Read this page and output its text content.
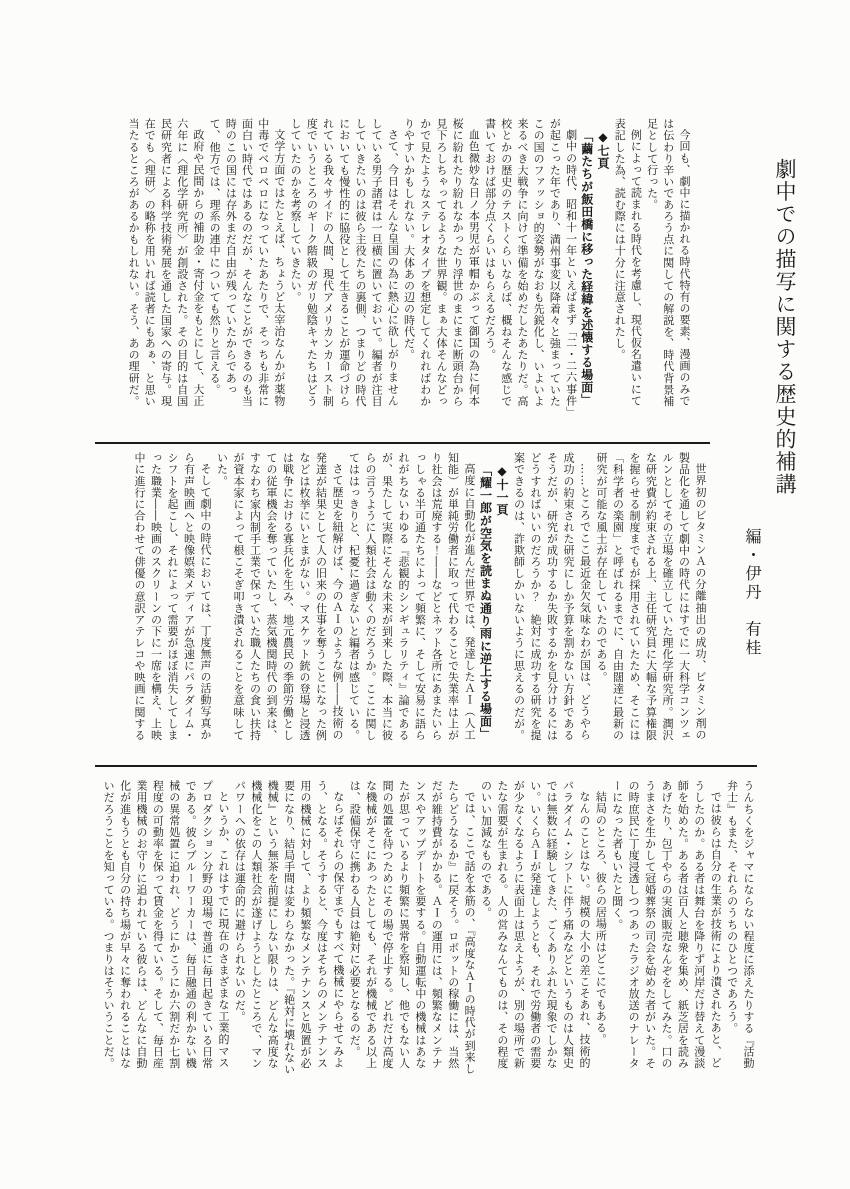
劇中での描写に関する歴史的補講
編・伊丹　有桂

今回も、劇中に描かれる時代特有の要素、漫画のみでは伝わり辛いであろう点に関しての解説を、時代背景補足として行った。

例によって読まれる時代を考慮し、現代仮名遣いにて表記した為、読む際には十分に注意されたし。

◆七頁

「繭たちが飯田橋に移った経緯を述懐する場面」

劇中の時代、昭和十一年といえばまず「二・二六事件」が起こった年であり、満州事変以降着々と強まっていたこの国のファッショ的姿勢がなおも先鋭化し、いよいよ来るべき大戦争に向けて準備を始めだしたあたりだ。高校とかの歴史のテストくらいならば、概ねそんな感じで書いておけば部分点くらいはもらえるだろう。

血色微妙な日ノ本男児が軍帽かぶって御国の為に何本桜に紛れたり紛れなかったり浮世のまにまに断頭台から見下ろしちゃってるような世界観。まぁ大体そんなどっかで見たようなステレオタイプを想定してくれればわかりやすいかもしれない。大体あの辺の時代だ。

さて、今日はそんな皇国の為に熱心に欲しがりませんしている男子諸君は一旦横に置いておいて。編者が注目していきたいのは彼ら主役たちの裏側、つまりどの時代においても慢性的に脇役として生きることが運命づけられている我々サイドの人間、現代アメリカンカースト制度でいうところのギーク階級のガリ勉陰キャたちはどうしていたのかを考察していきたい。

文学方面ではたとえば、ちょうど太宰治なんかが薬物中毒でベロベロになっていたあたりで、そっちも非常に面白い時代ではあるのだが、そんなことができるのも当時のこの国には存外まだ自由が残っていたからであって、他方では、理系の連中についても然りと言える。

政府や民間からの補助金・寄付金をもとにして、大正六年に〈理化学研究所〉が創設された。その目的は自国民研究者による科学技術発展を通した国家への寄与。現在でも〈理研〉の略称を用いれば読者にもあぁ、と思い当たるところがあるかもしれない。そう、あの理研だ。

世界初のビタミンＡの分離抽出の成功、ビタミン剤の製品化を通して劇中の時代にはすでに一大科学コンツェルンとしてその立場を確立していた理化学研究所。潤沢な研究費が約束される上、主任研究員に大幅な予算権限を握らせる制度までもが採用されていたため、そこには「科学者の楽園」と呼ばれるまでに、自由闊達に最新の研究が可能な風土が存在していたのである。

……ところでここ最近金欠気味なわが国は、どうやら成功の約束された研究にしか予算を割かない方針であるそうだが、研究が成功するか失敗するかを見分けるにはどうすればいいのだろうか？　絶対に成功する研究を提案できるのは、詐欺師しかいないように思えるのだが。

◆十一頁

「耀一郎が空気を読まぬ通り雨に逆上する場面」

高度に自動化が進んだ世界では、発達したＡＩ（人工知能）が単純労働者に取って代わることで失業率は上がり社会は荒廃する！――などとネット各所にあまたいらっしゃる半可通たちによって頻繁に、そして安易に語られがちないわゆる『悲観的シンギュラリティ』論であるが、果たして実際にそんな未来が到来した際、本当に彼らの言うように人類社会は動くのだろうか。ここに関してははっきりと、杞憂に過ぎないと編者は感じている。

さて歴史を紐解けば、今のＡＩのような例――技術の発達が結果として人の旧来の仕事を奪うことになった例などは枚挙にいとまがない。マスケット銃の登場と浸透は戦争における寡兵化を生み、地元農民の季節労働としての従軍機会を奪っていたし、蒸気機関時代の到来は、すなわち家内制手工業で保っていた職人たちの食い扶持が資本家によって根こそぎ叩き潰されることを意味していた。

そして劇中の時代においては、丁度無声の活動写真から有声映画へと映像娯楽メディアが急速にパラダイム・シフトを起こし、それによって需要がほぼ消失してしまった職業――映画のスクリーンの下に一席を構え、上映中に進行に合わせて俳優の意訳アテレコや映画に関する

うんちくをジャマにならない程度に添えたりする『活動弁士』もまた、それらのうちのひとつであろう。

では彼らは自分の生業が技術により潰されたあと、どうしたのか。ある者は舞台を降りず河岸だけ替えて漫談師を始めた。ある者は百人と聴衆を集め、紙芝居を読みあげたり、包丁やらの実演販売なんぞをしてみた。口のうまさを生かして冠婚葬祭の司会を始めた者がいた。その時庶民に丁度浸透しつつあったラジオ放送のナレーターになった者もいたと聞く。

結局のところ、彼らの居場所はどこにでもある。

なんのことはない。規模の大小の差こそあれ、技術的パラダイム・シフトに伴う痛みなどというものは人類史では無数に経験してきた、ごくありふれた現象でしかない。いくらＡＩが発達しようとも、それで労働者の需要が少なくなるように表面上は思えようが、別の場所で新たな需要が生まれる。人の営みなんてものは、その程度のいい加減なものである。

では、ここで話を本筋の、『高度なＡＩの時代が到来したらどうなるか』に戻そう。ロボットの稼働には、当然だが維持費がかかる。ＡＩの運用には、頻繁なメンテナンスやアップデートを要する。自動運転中の機械はあなたが思っているより頻繁に異常を察知し、他でもない人間の処置を待つためにその場で停止する。どれだけ高度な機械がそこにあったとしても、それが機械である以上は、設備保守に携わる人員は絶対に必要となるのだ。

ならばそれらの保守までもすべて機械にやらせてみよう、となる。そうすると、今度はそちらのメンテナンス用の機械に対して、より頻繁なメンテナンスと処置が必要になり、結局手間は変わらなかった。『絶対に壊れない機械』という無茶を前提にしない限りは、どんな高度な機械化をこの人類社会が遂げようとしたところで、マンパワーへの依存は運命的に避けられないのだ。

というか、これはすでに現在のさまざまな工業的マスプロダクション分野の現場で普通に毎日起きている日常である。彼らブルーワーカーは、毎日融通の利かない機械の異常処置に追われ、どうにかこうにか六割だか七割程度の可動率を保って賃金を得ている。そして、毎日産業用機械のお守りに追われている彼らは、どんなに自動化が進もうとも自分の持ち場が早々に奪われることはないだろうことを知っている。つまりはそういうことだ。
